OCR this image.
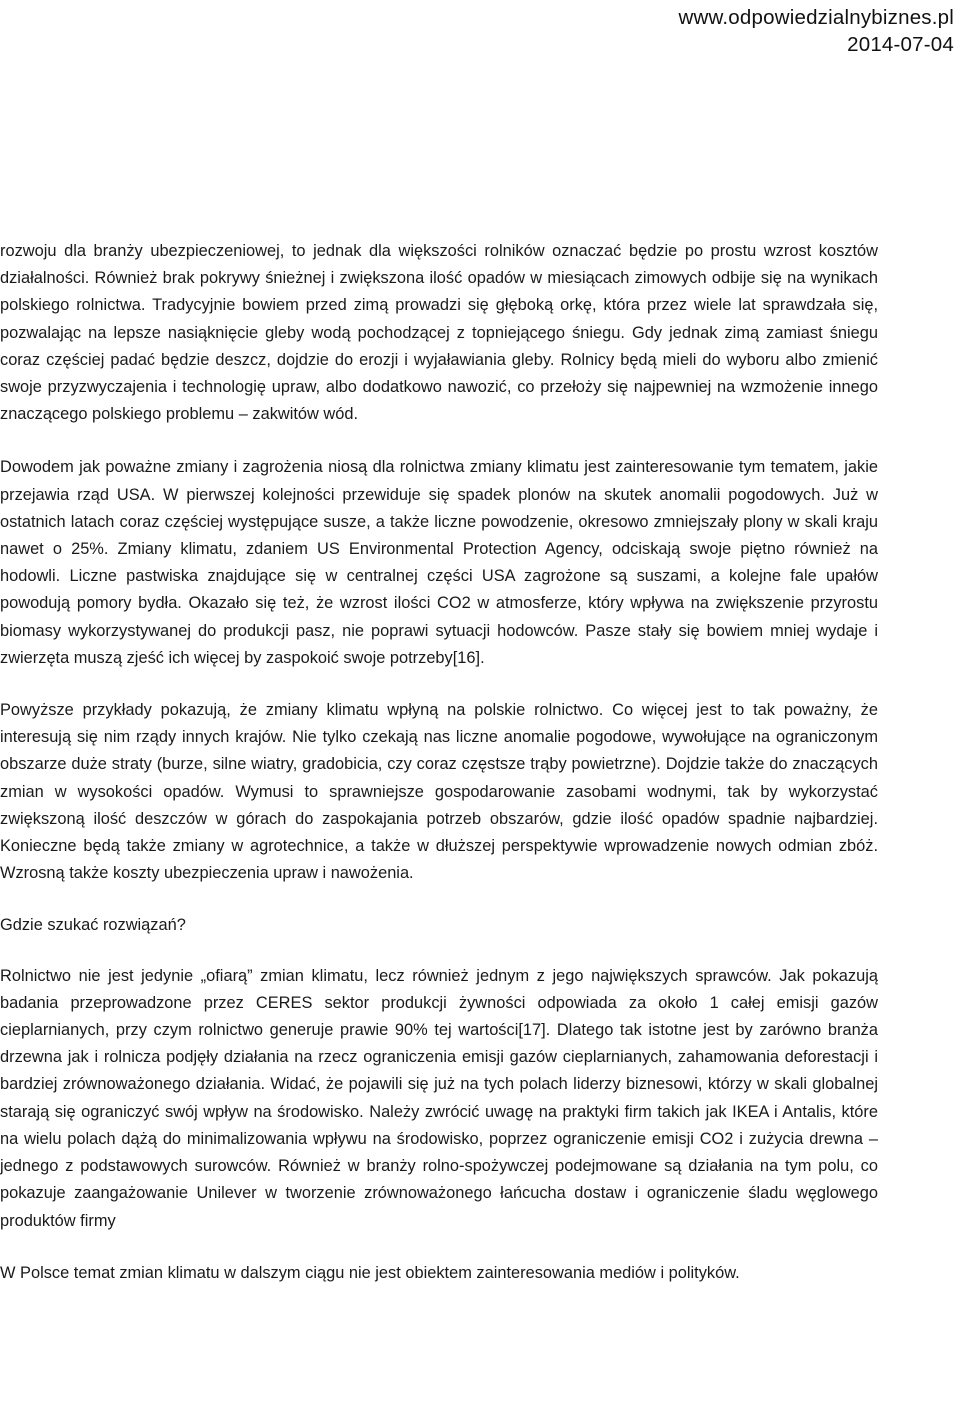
www.odpowiedzialnybiznes.pl
2014-07-04

rozwoju dla branży ubezpieczeniowej, to jednak dla większości rolników oznaczać będzie po prostu wzrost kosztów działalności. Również brak pokrywy śnieżnej i zwiększona ilość opadów w miesiącach zimowych odbije się na wynikach polskiego rolnictwa. Tradycyjnie bowiem przed zimą prowadzi się głęboką orkę, która przez wiele lat sprawdzała się, pozwalając na lepsze nasiąknięcie gleby wodą pochodzącej z topniejącego śniegu. Gdy jednak zimą zamiast śniegu coraz częściej padać będzie deszcz, dojdzie do erozji i wyjaławiania gleby. Rolnicy będą mieli do wyboru albo zmienić swoje przyzwyczajenia i technologię upraw, albo dodatkowo nawozić, co przełoży się najpewniej na wzmożenie innego znaczącego polskiego problemu – zakwitów wód.

Dowodem jak poważne zmiany i zagrożenia niosą dla rolnictwa zmiany klimatu jest zainteresowanie tym tematem, jakie przejawia rząd USA. W pierwszej kolejności przewiduje się spadek plonów na skutek anomalii pogodowych. Już w ostatnich latach coraz częściej występujące susze, a także liczne powodzenie, okresowo zmniejszały plony w skali kraju nawet o 25%. Zmiany klimatu, zdaniem US Environmental Protection Agency, odciskają swoje piętno również na hodowli. Liczne pastwiska znajdujące się w centralnej części USA zagrożone są suszami, a kolejne fale upałów powodują pomory bydła. Okazało się też, że wzrost ilości CO2 w atmosferze, który wpływa na zwiększenie przyrostu biomasy wykorzystywanej do produkcji pasz, nie poprawi sytuacji hodowców. Pasze stały się bowiem mniej wydaje i zwierzęta muszą zjeść ich więcej by zaspokoić swoje potrzeby[16].

Powyższe przykłady pokazują, że zmiany klimatu wpłyną na polskie rolnictwo. Co więcej jest to tak poważny, że interesują się nim rządy innych krajów. Nie tylko czekają nas liczne anomalie pogodowe, wywołujące na ograniczonym obszarze duże straty (burze, silne wiatry, gradobicia, czy coraz częstsze trąby powietrzne). Dojdzie także do znaczących zmian w wysokości opadów. Wymusi to sprawniejsze gospodarowanie zasobami wodnymi, tak by wykorzystać zwiększoną ilość deszczów w górach do zaspokajania potrzeb obszarów, gdzie ilość opadów spadnie najbardziej. Konieczne będą także zmiany w agrotechnice, a także w dłuższej perspektywie wprowadzenie nowych odmian zbóż. Wzrosną także koszty ubezpieczenia upraw i nawożenia.

Gdzie szukać rozwiązań?

Rolnictwo nie jest jedynie „ofiarą” zmian klimatu, lecz również jednym z jego największych sprawców. Jak pokazują badania przeprowadzone przez CERES sektor produkcji żywności odpowiada za około 1 całej emisji gazów cieplarnianych, przy czym rolnictwo generuje prawie 90% tej wartości[17]. Dlatego tak istotne jest by zarówno branża drzewna jak i rolnicza podjęły działania na rzecz ograniczenia emisji gazów cieplarnianych, zahamowania deforestacji i bardziej zrównoważonego działania. Widać, że pojawili się już na tych polach liderzy biznesowi, którzy w skali globalnej starają się ograniczyć swój wpływ na środowisko. Należy zwrócić uwagę na praktyki firm takich jak IKEA i Antalis, które na wielu polach dążą do minimalizowania wpływu na środowisko, poprzez ograniczenie emisji CO2 i zużycia drewna – jednego z podstawowych surowców. Również w branży rolno-spożywczej podejmowane są działania na tym polu, co pokazuje zaangażowanie Unilever w tworzenie zrównoważonego łańcucha dostaw i ograniczenie śladu węglowego produktów firmy

W Polsce temat zmian klimatu w dalszym ciągu nie jest obiektem zainteresowania mediów i polityków.
